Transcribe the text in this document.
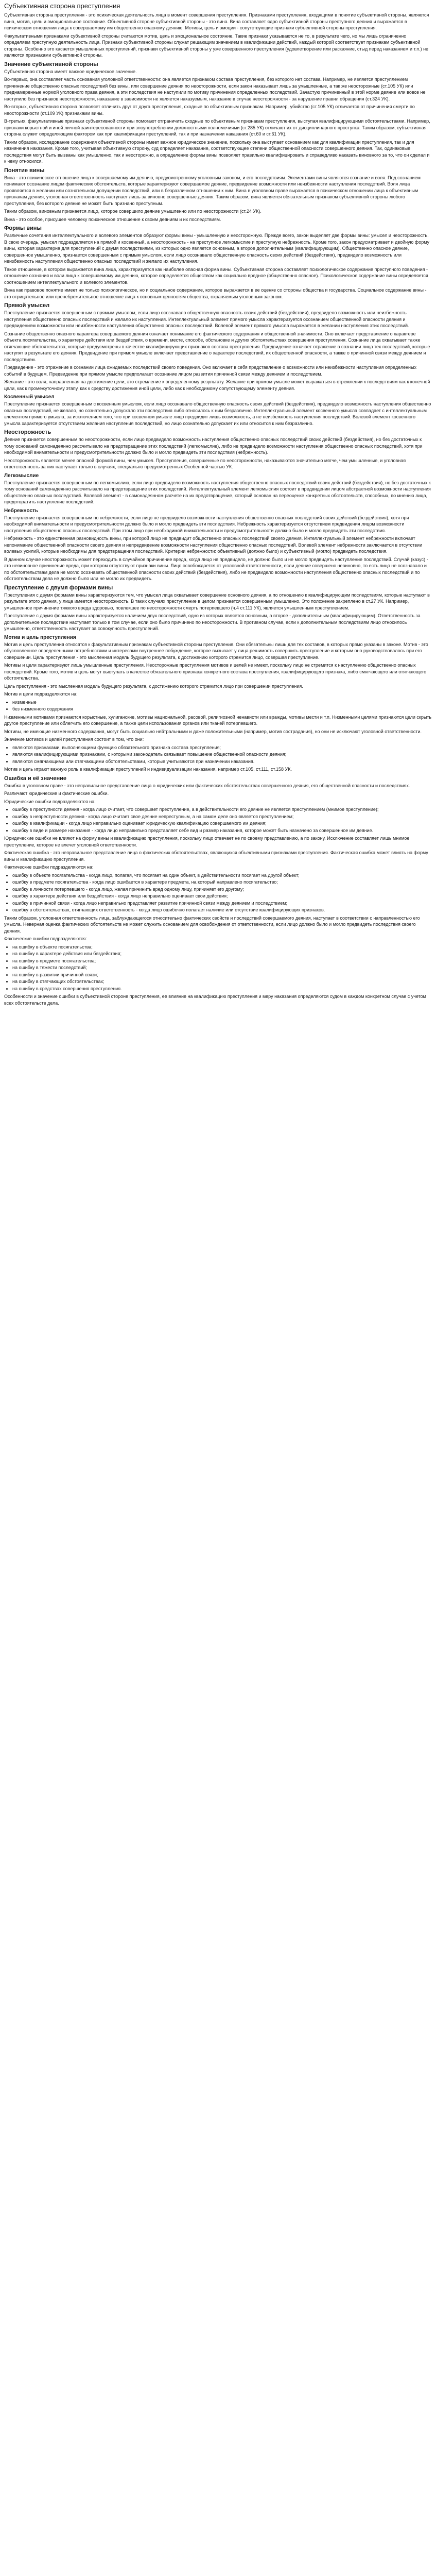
Субъективная сторона преступления

Субъективная сторона преступления - это психическая деятельность лица в момент совершения преступления. Признаками преступления, входящими в понятие субъективной стороны, являются вина, мотив, цель и эмоциональное состояние. Объективной стороне субъективной стороны - это вина. Вина составляет ядро субъективной стороны преступного деяния и выражается в психическом отношении лица к совершаемому им общественно опасному деянию. Мотивы, цель и эмоции - сопутствующие признаки субъективной стороны преступления.

Факультативными признаками субъективной стороны считаются мотив, цель и эмоциональное состояние. Такие признаки указываются не то, в результате чего, но мы лишь ограниченно определяем преступную деятельность лица. Признаки субъективной стороны служат решающим значением в квалификации действий, каждый которой соответствует признакам субъективной стороны. Особенно это касается умышленных преступлений, признаки субъективной стороны у уже совершенного преступления (удовлетворение или раскаяние, стыд перед наказанием и т.п.) не являются признаками субъективной стороны.

Значение субъективной стороны

Субъективная сторона имеет важное юридическое значение.

Во-первых, она составляет часть основания уголовной ответственности: она является признаком состава преступления, без которого нет состава. Например, не является преступлением причинение общественно опасных последствий без вины, или совершение деяния по неосторожности, если закон наказывает лишь за умышленные, а так же неосторожные (ст.105 УК) или преднамеренные нормой уголовного права деяния, а эти последствия не наступили по мотиву причинения определенных последствий. Зачастую причиненный в этой норме деяние или вовсе не наступило без признаков неосторожности, наказание в зависимости не является наказуемым, наказание в случае неосторожности - за нарушение правил обращения (ст.324 УК).

Во-вторых, субъективная сторона позволяет отличить друг от друга преступления, сходные по объективным признакам. Например, убийство (ст.105 УК) отличается от причинения смерти по неосторожности (ст.109 УК) признаками вины.

В-третьих, факультативные признаки субъективной стороны помогают отграничить сходные по объективным признакам преступления, выступая квалифицирующими обстоятельствами. Например, признаки корыстной и иной личной заинтересованности при злоупотреблении должностными полномочиями (ст.285 УК) отличают их от дисциплинарного проступка. Таким образом, субъективная сторона служит определяющим фактором как при квалификации преступлений, так и при назначении наказания (ст.60 и ст.61 УК).

Таким образом, исследование содержания объективной стороны имеет важное юридическое значение, поскольку она выступает основанием как для квалификации преступления, так и для назначения наказания. Кроме того, учитывая объективную сторону, суд определяет наказание, соответствующее степени общественной опасности совершенного деяния. Так, одинаковые последствия могут быть вызваны как умышленно, так и неосторожно, а определение формы вины позволяет правильно квалифицировать и справедливо наказать виновного за то, что он сделал и к чему относился.

Понятие вины

Вина - это психическое отношение лица к совершаемому им деянию, предусмотренному уголовным законом, и его последствиям. Элементами вины являются сознание и воля. Под сознанием понимают осознание лицом фактических обстоятельств, которые характеризуют совершаемое деяние, предвидение возможности или неизбежности наступления последствий. Воля лица проявляется в желании или сознательном допущении последствий, или в безразличном отношении к ним. Вина в уголовном праве выражается в психическом отношении лица к объективным признакам деяния, уголовная ответственность наступает лишь за виновно совершенные деяния. Таким образом, вина является обязательным признаком субъективной стороны любого преступления, без которого деяние не может быть признано преступным.

Таким образом, виновным признается лицо, которое совершило деяние умышленно или по неосторожности (ст.24 УК).

Вина - это особое, присущее человеку психическое отношение к своим деяниям и их последствиям.

Формы вины

Различные сочетания интеллектуального и волевого элементов образуют формы вины - умышленную и неосторожную. Прежде всего, закон выделяет две формы вины: умысел и неосторожность. В свою очередь, умысел подразделяется на прямой и косвенный, а неосторожность - на преступное легкомыслие и преступную небрежность. Кроме того, закон предусматривает и двойную форму вины, которая характерна для преступлений с двумя последствиями, из которых одно является основным, а второе дополнительным (квалифицирующим). Общественно опасное деяние, совершенное умышленно, признается совершенным с прямым умыслом, если лицо осознавало общественную опасность своих действий (бездействия), предвидело возможность или неизбежность наступления общественно опасных последствий и желало их наступления.

Такое отношение, в котором выражается вина лица, характеризуется как наиболее опасная форма вины. Субъективная сторона составляет психологическое содержание преступного поведения - отношение сознания и воли лица к совершаемому им деянию, которое определяется обществом как социально вредное (общественно опасное). Психологическое содержание вины определяется соотношением интеллектуального и волевого элементов.

Вина как правовое понятие имеет не только психологическое, но и социальное содержание, которое выражается в ее оценке со стороны общества и государства. Социальное содержание вины - это отрицательное или пренебрежительное отношение лица к основным ценностям общества, охраняемым уголовным законом.

Прямой умысел

Преступление признается совершенным с прямым умыслом, если лицо осознавало общественную опасность своих действий (бездействия), предвидело возможность или неизбежность наступления общественно опасных последствий и желало их наступления. Интеллектуальный элемент прямого умысла характеризуется осознанием общественной опасности деяния и предвидением возможности или неизбежности наступления общественно опасных последствий. Волевой элемент прямого умысла выражается в желании наступления этих последствий.

Сознание общественно опасного характера совершаемого деяния означает понимание его фактического содержания и общественной значимости. Оно включает представление о характере объекта посягательства, о характере действия или бездействия, о времени, месте, способе, обстановке и других обстоятельствах совершения преступления. Сознание лица охватывает также отягчающие обстоятельства, которые предусмотрены в качестве квалифицирующих признаков состава преступления. Предвидение означает отражение в сознании лица тех последствий, которые наступят в результате его деяния. Предвидение при прямом умысле включает представление о характере последствий, их общественной опасности, а также о причинной связи между деянием и последствием.

Предвидение - это отражение в сознании лица ожидаемых последствий своего поведения. Оно включает в себя представление о возможности или неизбежности наступления определенных событий в будущем. Предвидение при прямом умысле предполагает осознание лицом развития причинной связи между деянием и последствием.

Желание - это воля, направленная на достижение цели, это стремление к определенному результату. Желание при прямом умысле может выражаться в стремлении к последствиям как к конечной цели, как к промежуточному этапу, как к средству достижения иной цели, либо как к необходимому сопутствующему элементу деяния.

Косвенный умысел

Преступление признается совершенным с косвенным умыслом, если лицо осознавало общественную опасность своих действий (бездействия), предвидело возможность наступления общественно опасных последствий, не желало, но сознательно допускало эти последствия либо относилось к ним безразлично. Интеллектуальный элемент косвенного умысла совпадает с интеллектуальным элементом прямого умысла, за исключением того, что при косвенном умысле лицо предвидит лишь возможность, а не неизбежность наступления последствий. Волевой элемент косвенного умысла характеризуется отсутствием желания наступления последствий, но лицо сознательно допускает их или относится к ним безразлично.

Неосторожность

Деяние признается совершенным по неосторожности, если лицо предвидело возможность наступления общественно опасных последствий своих действий (бездействия), но без достаточных к тому оснований самонадеянно рассчитывало на предотвращение этих последствий (легкомыслие), либо не предвидело возможности наступления общественно опасных последствий, хотя при необходимой внимательности и предусмотрительности должно было и могло предвидеть эти последствия (небрежность).

Неосторожность является менее опасной формой вины, чем умысел. Преступления, совершенные по неосторожности, наказываются значительно мягче, чем умышленные, и уголовная ответственность за них наступает только в случаях, специально предусмотренных Особенной частью УК.

Легкомыслие

Преступление признается совершенным по легкомыслию, если лицо предвидело возможность наступления общественно опасных последствий своих действий (бездействия), но без достаточных к тому оснований самонадеянно рассчитывало на предотвращение этих последствий. Интеллектуальный элемент легкомыслия состоит в предвидении лицом абстрактной возможности наступления общественно опасных последствий. Волевой элемент - в самонадеянном расчете на их предотвращение, который основан на переоценке конкретных обстоятельств, способных, по мнению лица, предотвратить наступление последствий.

Небрежность

Преступление признается совершенным по небрежности, если лицо не предвидело возможности наступления общественно опасных последствий своих действий (бездействия), хотя при необходимой внимательности и предусмотрительности должно было и могло предвидеть эти последствия. Небрежность характеризуется отсутствием предвидения лицом возможности наступления общественно опасных последствий. При этом лицо при необходимой внимательности и предусмотрительности должно было и могло предвидеть эти последствия.

Небрежность - это единственная разновидность вины, при которой лицо не предвидит общественно опасных последствий своего деяния. Интеллектуальный элемент небрежности включает непонимание общественной опасности своего деяния и непредвидение возможности наступления общественно опасных последствий. Волевой элемент небрежности заключается в отсутствии волевых усилий, которые необходимы для предотвращения последствий. Критерии небрежности: объективный (должно было) и субъективный (могло) предвидеть последствия.

В данном случае неосторожность может переходить в случайное причинение вреда, когда лицо не предвидело, не должно было и не могло предвидеть наступление последствий. Случай (казус) - это невиновное причинение вреда, при котором отсутствуют признаки вины. Лицо освобождается от уголовной ответственности, если деяние совершено невиновно, то есть лицо не осознавало и по обстоятельствам дела не могло осознавать общественной опасности своих действий (бездействия), либо не предвидело возможности наступления общественно опасных последствий и по обстоятельствам дела не должно было или не могло их предвидеть.

Преступление с двумя формами вины

Преступления с двумя формами вины характеризуются тем, что умысел лица охватывает совершение основного деяния, а по отношению к квалифицирующим последствиям, которые наступают в результате этого деяния, у лица имеется неосторожность. В таких случаях преступление в целом признается совершенным умышленно. Это положение закреплено в ст.27 УК. Например, умышленное причинение тяжкого вреда здоровью, повлекшее по неосторожности смерть потерпевшего (ч.4 ст.111 УК), является умышленным преступлением.

Преступление с двумя формами вины характеризуется наличием двух последствий, одно из которых является основным, а второе - дополнительным (квалифицирующим). Ответственность за дополнительное последствие наступает только в том случае, если оно было причинено по неосторожности. В противном случае, если к дополнительным последствиям лицо относилось умышленно, ответственность наступает за совокупность преступлений.

Мотив и цель преступления

Мотив и цель преступления относятся к факультативным признакам субъективной стороны преступления. Они обязательны лишь для тех составов, в которых прямо указаны в законе. Мотив - это обусловленное определенными потребностями и интересами внутреннее побуждение, которое вызывает у лица решимость совершить преступление и которым оно руководствовалось при его совершении. Цель преступления - это мысленная модель будущего результата, к достижению которого стремится лицо, совершая преступление.

Мотивы и цели характеризуют лишь умышленные преступления. Неосторожные преступления мотивов и целей не имеют, поскольку лицо не стремится к наступлению общественно опасных последствий. Кроме того, мотив и цель могут выступать в качестве обязательного признака конкретного состава преступления, квалифицирующего признака, либо смягчающего или отягчающего обстоятельства.

Цель преступления - это мысленная модель будущего результата, к достижению которого стремится лицо при совершении преступления.

Мотив и цели подразделяются на:

• низменные
• без низменного содержания

Низменными мотивами признаются корыстные, хулиганские, мотивы национальной, расовой, религиозной ненависти или вражды, мотивы мести и т.п. Низменными целями признаются цели скрыть другое преступление или облегчить его совершение, а также цели использования органов или тканей потерпевшего.

Мотивы, не имеющие низменного содержания, могут быть социально нейтральными и даже положительными (например, мотив сострадания), но они не исключают уголовной ответственности.

Значение мотивов и целей преступления состоит в том, что они:

• являются признаками, выполняющими функцию обязательного признака состава преступления;
• являются квалифицирующими признаками, с которыми законодатель связывает повышение общественной опасности деяния;
• являются смягчающими или отягчающими обстоятельствами, которые учитываются при назначении наказания.

Мотив и цель играют важную роль в квалификации преступлений и индивидуализации наказания, например ст.105, ст.111, ст.158 УК.

Ошибка и её значение

Ошибка в уголовном праве - это неправильное представление лица о юридических или фактических обстоятельствах совершенного деяния, его общественной опасности и последствиях.

Различают юридические и фактические ошибки.

Юридические ошибки подразделяются на:

• ошибку в преступности деяния - когда лицо считает, что совершает преступление, а в действительности его деяние не является преступлением (мнимое преступление);
• ошибку в непреступности деяния - когда лицо считает свое деяние непреступным, а на самом деле оно является преступлением;
• ошибку в квалификации - когда лицо неправильно оценивает юридическую квалификацию совершаемого им деяния;
• ошибку в виде и размере наказания - когда лицо неправильно представляет себе вид и размер наказания, которое может быть назначено за совершенное им деяние.

Юридические ошибки не влияют на форму вины и квалификацию преступления, поскольку лицо отвечает не по своему представлению, а по закону. Исключение составляет лишь мнимое преступление, которое не влечет уголовной ответственности.

Фактическая ошибка - это неправильное представление лица о фактических обстоятельствах, являющихся объективными признаками преступления. Фактическая ошибка может влиять на форму вины и квалификацию преступления.

Фактические ошибки подразделяются на:

• ошибку в объекте посягательства - когда лицо, полагая, что посягает на один объект, в действительности посягает на другой объект;
• ошибку в предмете посягательства - когда лицо ошибается в характере предмета, на который направлено посягательство;
• ошибку в личности потерпевшего - когда лицо, желая причинить вред одному лицу, причиняет его другому;
• ошибку в характере действия или бездействия - когда лицо неправильно оценивает свои действия;
• ошибку в причинной связи - когда лицо неправильно представляет развитие причинной связи между деянием и последствием;
• ошибку в обстоятельствах, отягчающих ответственность - когда лицо ошибочно полагает наличие или отсутствие квалифицирующих признаков.

Таким образом, уголовная ответственность лица, заблуждающегося относительно фактических свойств и последствий совершаемого деяния, наступает в соответствии с направленностью его умысла. Неверная оценка фактических обстоятельств не может служить основанием для освобождения от ответственности, если лицо должно было и могло предвидеть последствия своего деяния.

Фактические ошибки подразделяются:

• на ошибку в объекте посягательства;
• на ошибку в характере действия или бездействия;
• на ошибку в предмете посягательства;
• на ошибку в тяжести последствий;
• на ошибку в развитии причинной связи;
• на ошибку в отягчающих обстоятельствах;
• на ошибку в средствах совершения преступления.

Особенности и значение ошибки в субъективной стороне преступления, ее влияние на квалификацию преступления и меру наказания определяются судом в каждом конкретном случае с учетом всех обстоятельств дела.
